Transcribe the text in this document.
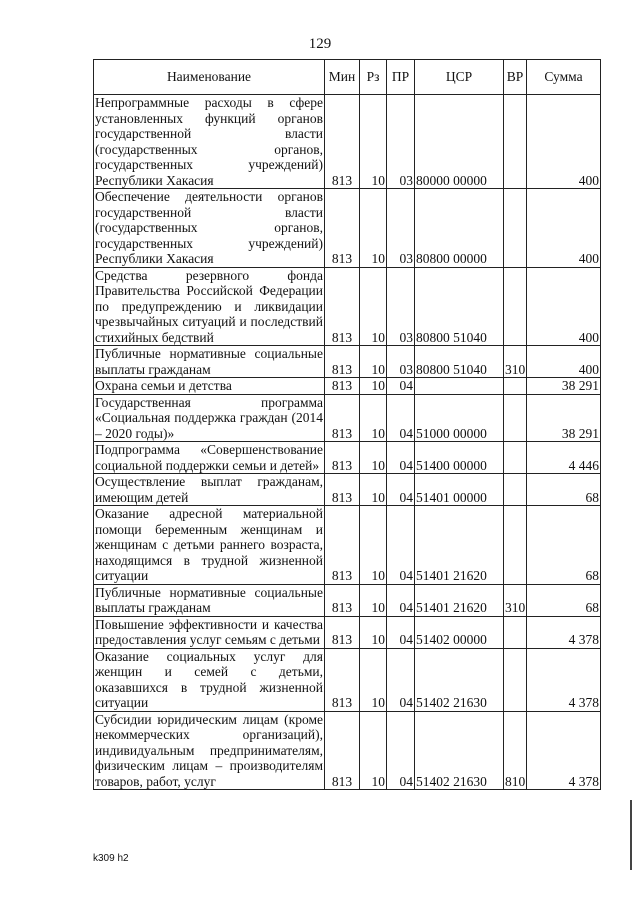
129
Наименование	Мин	Рз	ПР	ЦСР	ВР	Сумма
Непрограммные расходы в сфере установленных функций органов государственной власти (государственных органов, государственных учреждений) Республики Хакасия	813	10	03	80000 00000		400
Обеспечение деятельности органов государственной власти (государственных органов, государственных учреждений) Республики Хакасия	813	10	03	80800 00000		400
Средства резервного фонда Правительства Российской Федерации по предупреждению и ликвидации чрезвычайных ситуаций и последствий стихийных бедствий	813	10	03	80800 51040		400
Публичные нормативные социальные выплаты гражданам	813	10	03	80800 51040	310	400
Охрана семьи и детства	813	10	04			38 291
Государственная программа «Социальная поддержка граждан (2014 – 2020 годы)»	813	10	04	51000 00000		38 291
Подпрограмма «Совершенствование социальной поддержки семьи и детей»	813	10	04	51400 00000		4 446
Осуществление выплат гражданам, имеющим детей	813	10	04	51401 00000		68
Оказание адресной материальной помощи беременным женщинам и женщинам с детьми раннего возраста, находящимся в трудной жизненной ситуации	813	10	04	51401 21620		68
Публичные нормативные социальные выплаты гражданам	813	10	04	51401 21620	310	68
Повышение эффективности и качества предоставления услуг семьям с детьми	813	10	04	51402 00000		4 378
Оказание социальных услуг для женщин и семей с детьми, оказавшихся в трудной жизненной ситуации	813	10	04	51402 21630		4 378
Субсидии юридическим лицам (кроме некоммерческих организаций), индивидуальным предпринимателям, физическим лицам – производителям товаров, работ, услуг	813	10	04	51402 21630	810	4 378
k309 h2
